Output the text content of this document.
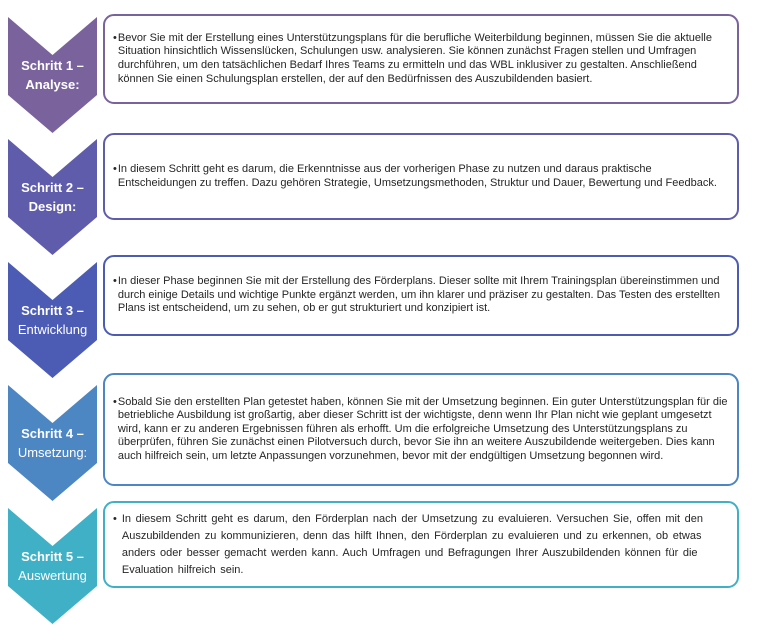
Schritt 1 –
Analyse:
• Bevor Sie mit der Erstellung eines Unterstützungsplans für die berufliche Weiterbildung beginnen, müssen Sie die aktuelle Situation hinsichtlich Wissenslücken, Schulungen usw. analysieren. Sie können zunächst Fragen stellen und Umfragen durchführen, um den tatsächlichen Bedarf Ihres Teams zu ermitteln und das WBL inklusiver zu gestalten. Anschließend können Sie einen Schulungsplan erstellen, der auf den Bedürfnissen des Auszubildenden basiert.

Schritt 2 –
Design:
• In diesem Schritt geht es darum, die Erkenntnisse aus der vorherigen Phase zu nutzen und daraus praktische Entscheidungen zu treffen. Dazu gehören Strategie, Umsetzungsmethoden, Struktur und Dauer, Bewertung und Feedback.

Schritt 3 –
Entwicklung
• In dieser Phase beginnen Sie mit der Erstellung des Förderplans. Dieser sollte mit Ihrem Trainingsplan übereinstimmen und durch einige Details und wichtige Punkte ergänzt werden, um ihn klarer und präziser zu gestalten. Das Testen des erstellten Plans ist entscheidend, um zu sehen, ob er gut strukturiert und konzipiert ist.

Schritt 4 –
Umsetzung:
• Sobald Sie den erstellten Plan getestet haben, können Sie mit der Umsetzung beginnen. Ein guter Unterstützungsplan für die betriebliche Ausbildung ist großartig, aber dieser Schritt ist der wichtigste, denn wenn Ihr Plan nicht wie geplant umgesetzt wird, kann er zu anderen Ergebnissen führen als erhofft. Um die erfolgreiche Umsetzung des Unterstützungsplans zu überprüfen, führen Sie zunächst einen Pilotversuch durch, bevor Sie ihn an weitere Auszubildende weitergeben. Dies kann auch hilfreich sein, um letzte Anpassungen vorzunehmen, bevor mit der endgültigen Umsetzung begonnen wird.

Schritt 5 –
Auswertung
• In diesem Schritt geht es darum, den Förderplan nach der Umsetzung zu evaluieren. Versuchen Sie, offen mit den Auszubildenden zu kommunizieren, denn das hilft Ihnen, den Förderplan zu evaluieren und zu erkennen, ob etwas anders oder besser gemacht werden kann. Auch Umfragen und Befragungen Ihrer Auszubildenden können für die Evaluation hilfreich sein.
